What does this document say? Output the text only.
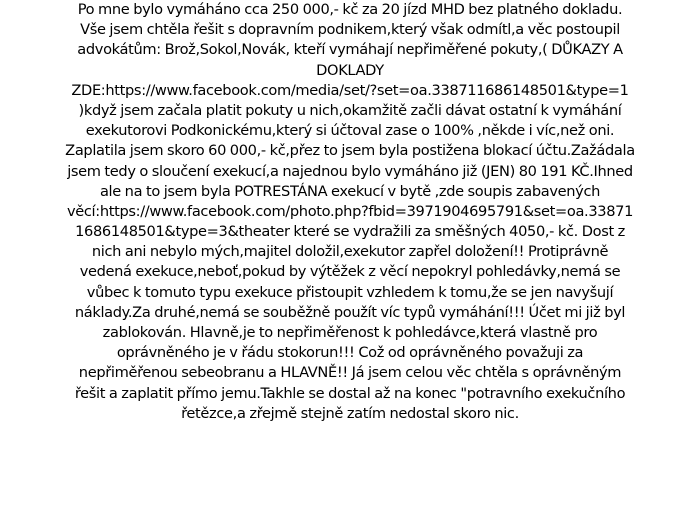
Po mne bylo vymáháno cca 250 000,- kč za 20 jízd MHD bez platného dokladu.
Vše jsem chtěla řešit s dopravním podnikem,který však odmítl,a věc postoupil
advokátům: Brož,Sokol,Novák, kteří vymáhají nepřiměřené pokuty,( DŮKAZY A
DOKLADY
ZDE:https://www.facebook.com/media/set/?set=oa.338711686148501&type=1
)když jsem začala platit pokuty u nich,okamžitě začli dávat ostatní k vymáhání
exekutorovi Podkonickému,který si účtoval zase o 100% ,někde i víc,než oni.
Zaplatila jsem skoro 60 000,- kč,přez to jsem byla postižena blokací účtu.Zažádala
jsem tedy o sloučení exekucí,a najednou bylo vymáháno již (JEN) 80 191 KČ.Ihned
ale na to jsem byla POTRESTÁNA exekucí v bytě ,zde soupis zabavených
věcí:https://www.facebook.com/photo.php?fbid=3971904695791&set=oa.33871
1686148501&type=3&theater které se vydražili za směšných 4050,- kč. Dost z
nich ani nebylo mých,majitel doložil,exekutor zapřel doložení!! Protiprávně
vedená exekuce,neboť,pokud by výtěžek z věcí nepokryl pohledávky,nemá se
vůbec k tomuto typu exekuce přistoupit vzhledem k tomu,že se jen navyšují
náklady.Za druhé,nemá se souběžně použít víc typů vymáhání!!! Účet mi již byl
zablokován. Hlavně,je to nepřiměřenost k pohledávce,která vlastně pro
oprávněného je v řádu stokorun!!! Což od oprávněného považuji za
nepřiměřenou sebeobranu a HLAVNĚ!! Já jsem celou věc chtěla s oprávněným
řešit a zaplatit přímo jemu.Takhle se dostal až na konec "potravního exekučního
řetězce,a zřejmě stejně zatím nedostal skoro nic.
